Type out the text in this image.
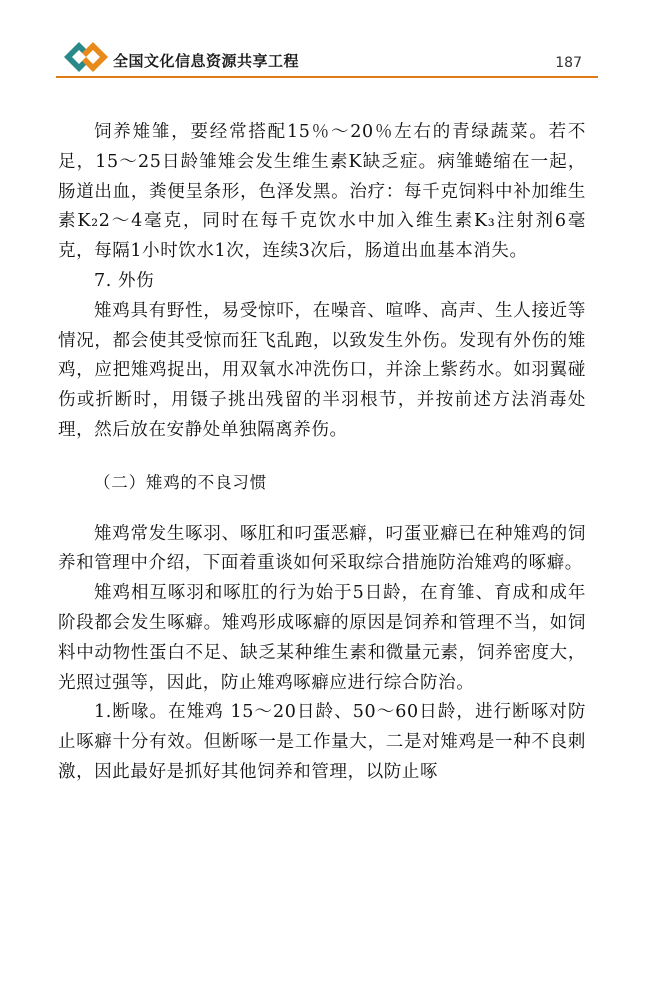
全国文化信息资源共享工程	187

饲养雉雏，要经常搭配15％～20％左右的青绿蔬菜。若不足，15～25日龄雏雉会发生维生素K缺乏症。病雏蜷缩在一起，肠道出血，粪便呈条形，色泽发黑。治疗：每千克饲料中补加维生素K₂2～4毫克，同时在每千克饮水中加入维生素K₃注射剂6毫克，每隔1小时饮水1次，连续3次后，肠道出血基本消失。

7. 外伤

雉鸡具有野性，易受惊吓，在噪音、喧哗、高声、生人接近等情况，都会使其受惊而狂飞乱跑，以致发生外伤。发现有外伤的雉鸡，应把雉鸡捉出，用双氧水冲洗伤口，并涂上紫药水。如羽翼碰伤或折断时，用镊子挑出残留的半羽根节，并按前述方法消毒处理，然后放在安静处单独隔离养伤。

（二）雉鸡的不良习惯

雉鸡常发生啄羽、啄肛和叼蛋恶癖，叼蛋亚癖已在种雉鸡的饲养和管理中介绍，下面着重谈如何采取综合措施防治雉鸡的啄癖。

雉鸡相互啄羽和啄肛的行为始于5日龄，在育雏、育成和成年阶段都会发生啄癖。雉鸡形成啄癖的原因是饲养和管理不当，如饲料中动物性蛋白不足、缺乏某种维生素和微量元素，饲养密度大，光照过强等，因此，防止雉鸡啄癖应进行综合防治。

1.断喙。在雉鸡 15～20日龄、50～60日龄，进行断啄对防止啄癖十分有效。但断啄一是工作量大，二是对雉鸡是一种不良刺激，因此最好是抓好其他饲养和管理，以防止啄
